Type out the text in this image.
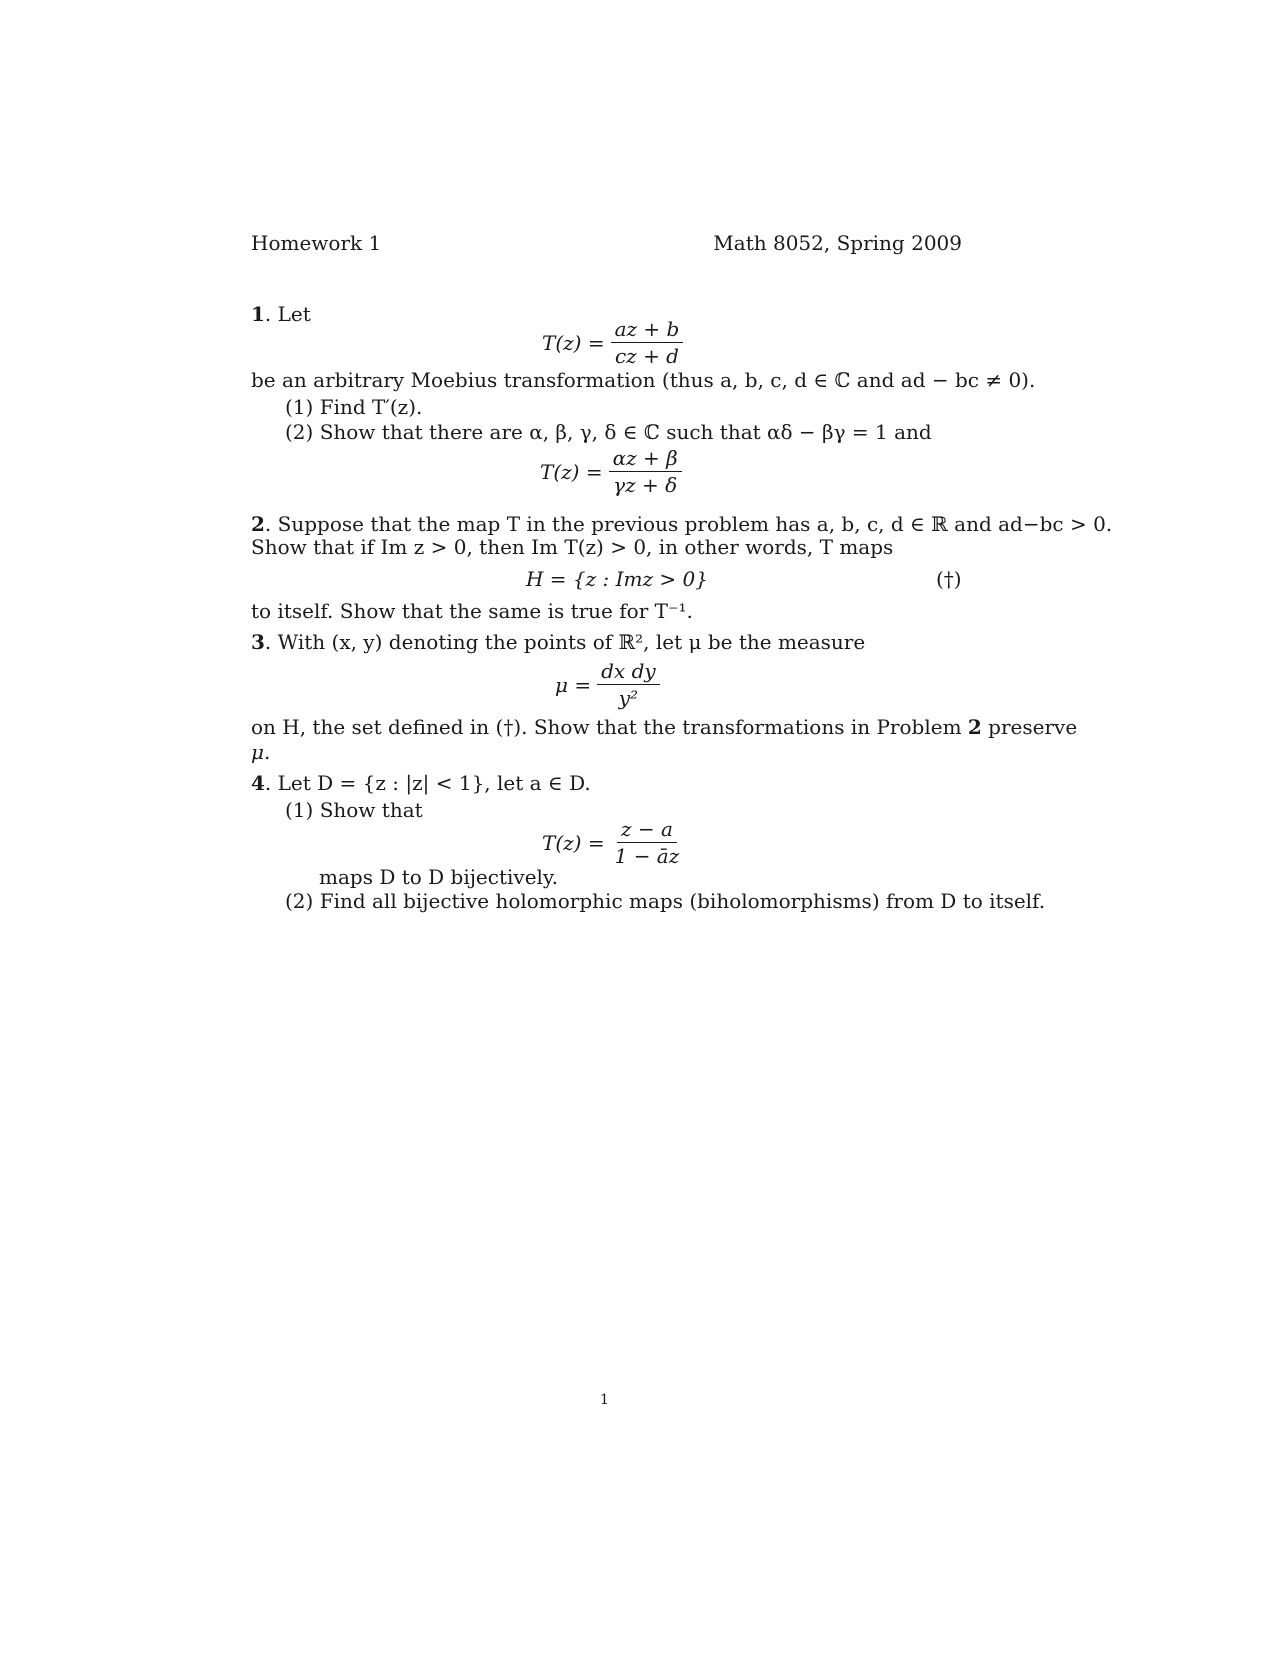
Homework 1	Math 8052, Spring 2009
1. Let
$T(z) = \frac{az + b}{cz + d}$
be an arbitrary Moebius transformation (thus a, b, c, d ∈ ℂ and ad − bc ≠ 0).
(1) Find T′(z).
(2) Show that there are α, β, γ, δ ∈ ℂ such that αδ − βγ = 1 and
$T(z) = \frac{\alpha z + \beta}{\gamma z + \delta}$
2. Suppose that the map T in the previous problem has a, b, c, d ∈ ℝ and ad−bc > 0.
Show that if Im z > 0, then Im T(z) > 0, in other words, T maps
H = {z : Imz > 0}	(†)
to itself. Show that the same is true for T⁻¹.
3. With (x, y) denoting the points of ℝ², let μ be the measure
$\mu = \frac{\text{dx dy}}{\text{y²}}$
on H, the set defined in (†). Show that the transformations in Problem 2 preserve
μ.
4. Let D = {z : |z| < 1}, let a ∈ D.
(1) Show that
$T(z) = \frac{z - a}{1 - āz}$
maps D to D bijectively.
(2) Find all bijective holomorphic maps (biholomorphisms) from D to itself.
1
